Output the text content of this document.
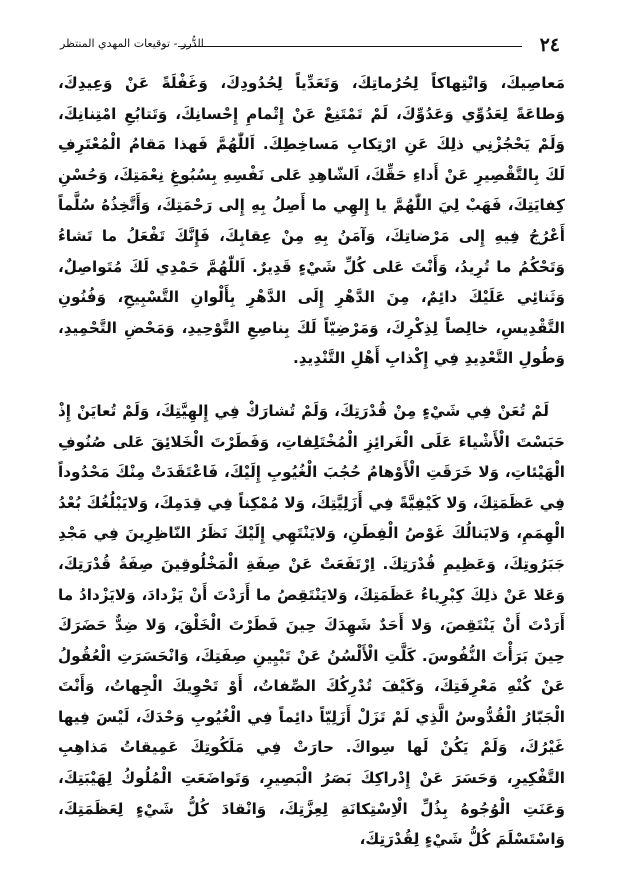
٢٤
الدُّرر - توقيعات المهدي المنتظر

مَعاصِيكَ، وَانْتِهاكاً لِحُرُماتِكَ، وَتَعَدِّياً لِحُدُودِكَ، وَغَفْلَةً عَنْ وَعِيدِكَ، وَطاعَةً لِعَدُوِّي وَعَدُوِّكَ، لَمْ تَمْتَنِعْ عَنْ إِتْمامِ إِحْسانِكَ، وَتَتابُعِ امْتِنانِكَ، وَلَمْ يَحْجُزْنِي ذلِكَ عَنِ ارْتِكابِ مَساخِطِكَ. اَللّٰهُمَّ فَهذا مَقامُ الْمُعْتَرِفِ لَكَ بِالتَّقْصِيرِ عَنْ أَداءِ حَقِّكَ، اَلشّاهِدِ عَلى نَفْسِهِ بِسُبُوغِ نِعْمَتِكَ، وَحُسْنِ كِفايَتِكَ، فَهَبْ لِيَ اللّٰهُمَّ يا إِلهِي ما أَصِلُ بِهِ إِلى رَحْمَتِكَ، وَأَتَّخِذُهُ سُلَّماً أَعْرُجُ فِيهِ إِلى مَرْضاتِكَ، وَآمَنُ بِهِ مِنْ عِقابِكَ، فَإِنَّكَ تَفْعَلُ ما تَشاءُ وَتَحْكُمُ ما تُرِيدُ، وَأَنْتَ عَلى كُلِّ شَيْءٍ قَدِيرٌ. اَللّٰهُمَّ حَمْدِي لَكَ مُتَواصِلٌ، وَثَنائِي عَلَيْكَ دائِمٌ، مِنَ الدَّهْرِ إِلَى الدَّهْرِ بِأَلْوانِ التَّسْبِيحِ، وَفُنُونِ التَّقْدِيسِ، خالِصاً لِذِكْرِكَ، وَمَرْضِيّاً لَكَ بِناصِعِ التَّوْحِيدِ، وَمَحْضِ التَّحْمِيدِ، وَطُولِ التَّعْدِيدِ فِي إِكْذابِ أَهْلِ التَّنْدِيدِ.

لَمْ تُعَنْ فِي شَيْءٍ مِنْ قُدْرَتِكَ، وَلَمْ تُشارَكْ فِي إِلهِيَّتِكَ، وَلَمْ تُعايَنْ إِذْ حَبَسْتَ الْأَشْياءَ عَلَى الْغَرائِزِ الْمُخْتَلِفاتِ، وَفَطَرْتَ الْخَلائِقَ عَلى صُنُوفِ الْهَيْئاتِ، وَلا خَرَقَتِ الْأَوْهامُ حُجُبَ الْغُيُوبِ إِلَيْكَ، فَاعْتَقَدَتْ مِنْكَ مَحْدُوداً فِي عَظَمَتِكَ، وَلا كَيْفِيَّةً فِي أَزَلِيَّتِكَ، وَلا مُمْكِناً فِي قِدَمِكَ، وَلايَبْلُغُكَ بُعْدُ الْهِمَمِ، وَلايَنالُكَ غَوْصُ الْفِطَنِ، وَلايَنْتَهِي إِلَيْكَ نَظَرُ النّاظِرِينَ فِي مَجْدِ جَبَرُوتِكَ، وَعَظِيمِ قُدْرَتِكَ. اِرْتَفَعَتْ عَنْ صِفَةِ الْمَخْلُوقِينَ صِفَةُ قُدْرَتِكَ، وَعَلا عَنْ ذلِكَ كِبْرِياءُ عَظَمَتِكَ، وَلايَنْتَقِصُ ما أَرَدْتَ أَنْ يَزْدادَ، وَلايَزْدادُ ما أَرَدْتَ أَنْ يَنْتَقِصَ، وَلا أَحَدٌ شَهِدَكَ حِينَ فَطَرْتَ الْخَلْقَ، وَلا ضِدٌّ حَضَرَكَ حِينَ بَرَأْتَ النُّفُوسَ. كَلَّتِ الْأَلْسُنُ عَنْ تَبْيِينِ صِفَتِكَ، وَانْحَسَرَتِ الْعُقُولُ عَنْ كُنْهِ مَعْرِفَتِكَ، وَكَيْفَ تُدْرِكُكَ الصِّفاتُ، أَوْ تَحْوِيكَ الْجِهاتُ، وَأَنْتَ الْجَبّارُ الْقُدُّوسُ الَّذِي لَمْ تَزَلْ أَزَلِيّاً دائِماً فِي الْغُيُوبِ وَحْدَكَ، لَيْسَ فِيها غَيْرُكَ، وَلَمْ يَكُنْ لَها سِواكَ. حارَتْ فِي مَلَكُوتِكَ عَمِيقاتُ مَذاهِبِ التَّفْكِيرِ، وَحَسَرَ عَنْ إِدْراكِكَ بَصَرُ الْبَصِيرِ، وَتَواضَعَتِ الْمُلُوكُ لِهَيْبَتِكَ، وَعَنَتِ الْوُجُوهُ بِذُلِّ الْاِسْتِكانَةِ لِعِزَّتِكَ، وَانْقادَ كُلُّ شَيْءٍ لِعَظَمَتِكَ، وَاسْتَسْلَمَ كُلُّ شَيْءٍ لِقُدْرَتِكَ،
